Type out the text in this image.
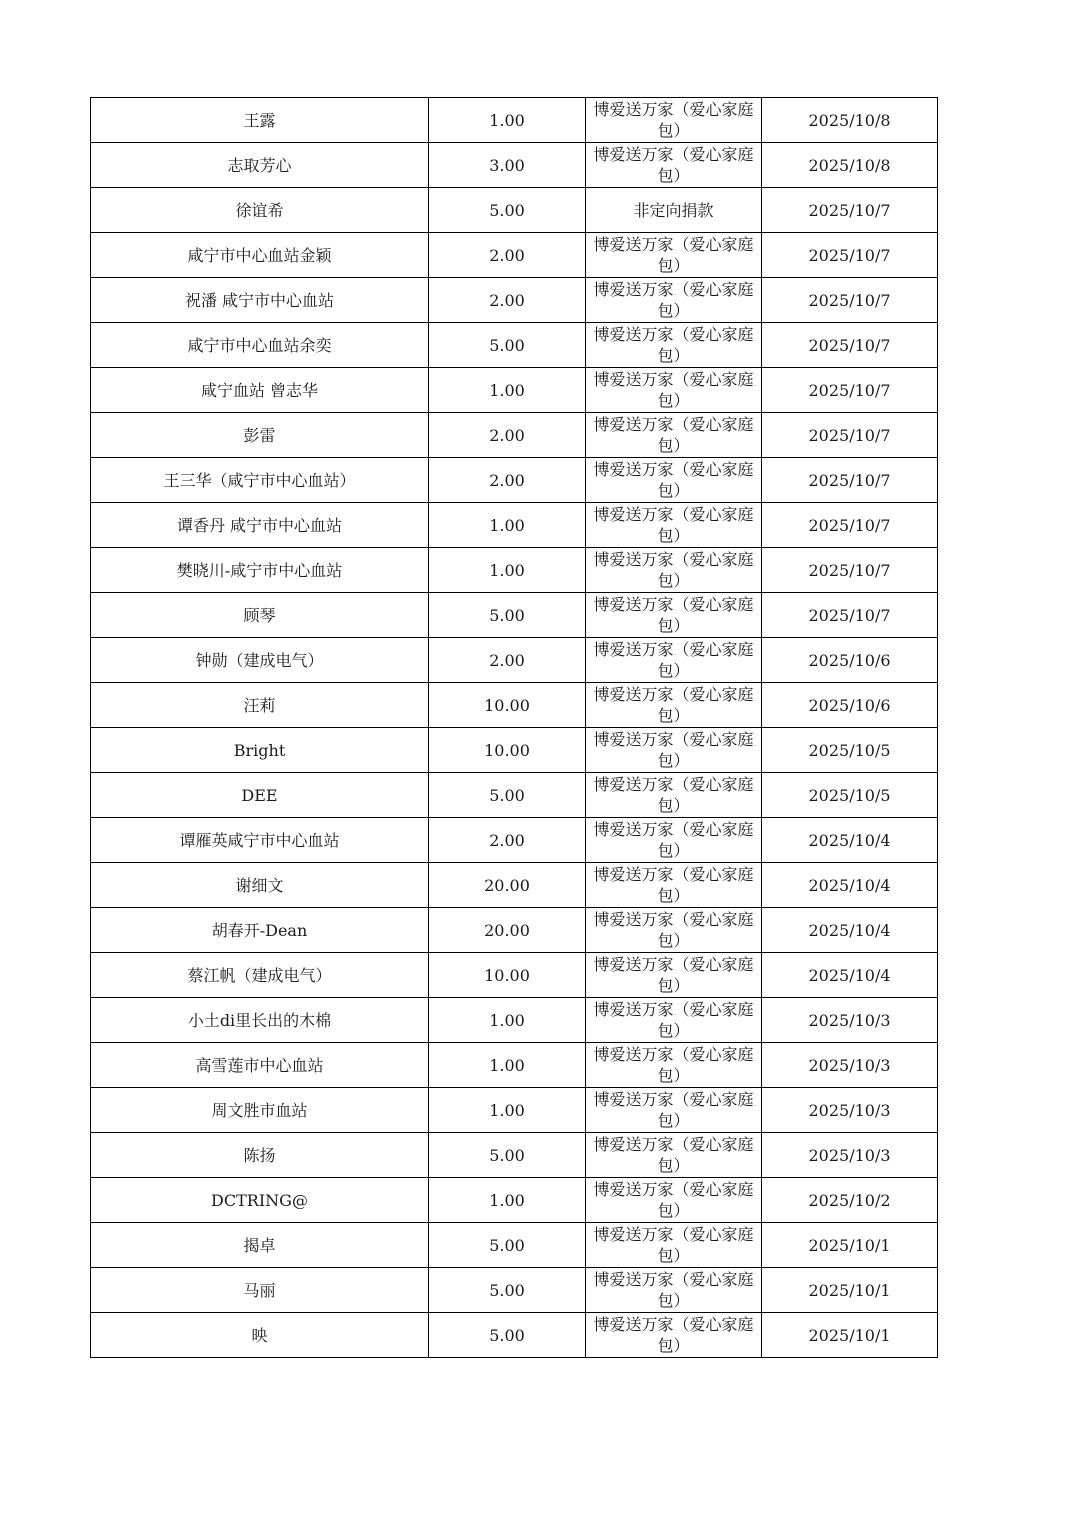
王露	1.00	博爱送万家（爱心家庭包）	2025/10/8
志取芳心	3.00	博爱送万家（爱心家庭包）	2025/10/8
徐谊希	5.00	非定向捐款	2025/10/7
咸宁市中心血站金颖	2.00	博爱送万家（爱心家庭包）	2025/10/7
祝潘 咸宁市中心血站	2.00	博爱送万家（爱心家庭包）	2025/10/7
咸宁市中心血站余奕	5.00	博爱送万家（爱心家庭包）	2025/10/7
咸宁血站 曾志华	1.00	博爱送万家（爱心家庭包）	2025/10/7
彭雷	2.00	博爱送万家（爱心家庭包）	2025/10/7
王三华（咸宁市中心血站）	2.00	博爱送万家（爱心家庭包）	2025/10/7
谭香丹 咸宁市中心血站	1.00	博爱送万家（爱心家庭包）	2025/10/7
樊晓川-咸宁市中心血站	1.00	博爱送万家（爱心家庭包）	2025/10/7
顾琴	5.00	博爱送万家（爱心家庭包）	2025/10/7
钟勋（建成电气）	2.00	博爱送万家（爱心家庭包）	2025/10/6
汪莉	10.00	博爱送万家（爱心家庭包）	2025/10/6
Bright	10.00	博爱送万家（爱心家庭包）	2025/10/5
DEE	5.00	博爱送万家（爱心家庭包）	2025/10/5
谭雁英咸宁市中心血站	2.00	博爱送万家（爱心家庭包）	2025/10/4
谢细文	20.00	博爱送万家（爱心家庭包）	2025/10/4
胡春开-Dean	20.00	博爱送万家（爱心家庭包）	2025/10/4
蔡江帆（建成电气）	10.00	博爱送万家（爱心家庭包）	2025/10/4
小土di里长出的木棉	1.00	博爱送万家（爱心家庭包）	2025/10/3
高雪莲市中心血站	1.00	博爱送万家（爱心家庭包）	2025/10/3
周文胜市血站	1.00	博爱送万家（爱心家庭包）	2025/10/3
陈扬	5.00	博爱送万家（爱心家庭包）	2025/10/3
DCTRING@	1.00	博爱送万家（爱心家庭包）	2025/10/2
揭卓	5.00	博爱送万家（爱心家庭包）	2025/10/1
马丽	5.00	博爱送万家（爱心家庭包）	2025/10/1
映	5.00	博爱送万家（爱心家庭包）	2025/10/1
